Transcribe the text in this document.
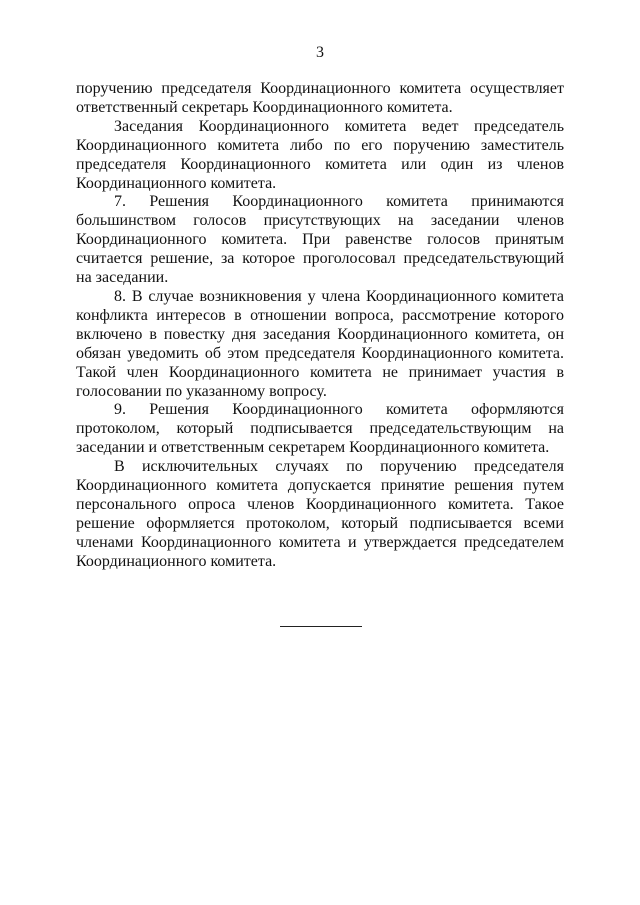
3

поручению председателя Координационного комитета осуществляет ответственный секретарь Координационного комитета.

Заседания Координационного комитета ведет председатель Координационного комитета либо по его поручению заместитель председателя Координационного комитета или один из членов Координационного комитета.

7. Решения Координационного комитета принимаются большинством голосов присутствующих на заседании членов Координационного комитета. При равенстве голосов принятым считается решение, за которое проголосовал председательствующий на заседании.

8. В случае возникновения у члена Координационного комитета конфликта интересов в отношении вопроса, рассмотрение которого включено в повестку дня заседания Координационного комитета, он обязан уведомить об этом председателя Координационного комитета. Такой член Координационного комитета не принимает участия в голосовании по указанному вопросу.

9. Решения Координационного комитета оформляются протоколом, который подписывается председательствующим на заседании и ответственным секретарем Координационного комитета.

В исключительных случаях по поручению председателя Координационного комитета допускается принятие решения путем персонального опроса членов Координационного комитета. Такое решение оформляется протоколом, который подписывается всеми членами Координационного комитета и утверждается председателем Координационного комитета.
